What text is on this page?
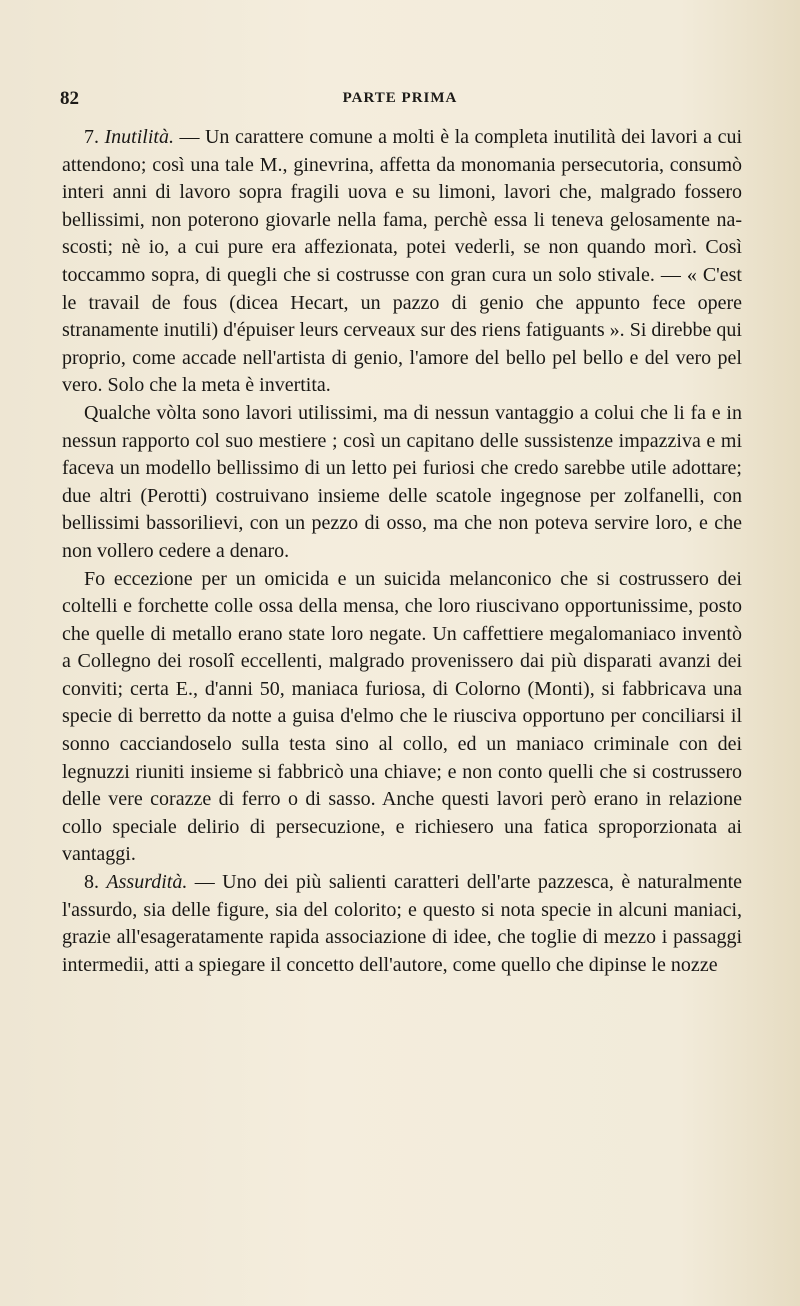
82	PARTE PRIMA

7. Inutilità. — Un carattere comune a molti è la completa inutilità dei lavori a cui attendono; così una tale M., ginevrina, affetta da monomania persecutoria, consumò interi anni di lavoro sopra fragili uova e su limoni, lavori che, malgrado fossero bellissimi, non poterono giovarle nella fama, perchè essa li teneva gelosamente nascosti; nè io, a cui pure era affezionata, potei vederli, se non quando morì. Così toccammo sopra, di quegli che si costrusse con gran cura un solo stivale. — « C'est le travail de fous (dicea Hecart, un pazzo di genio che appunto fece opere stranamente inutili) d'épuiser leurs cerveaux sur des riens fatiguants ». Si direbbe qui proprio, come accade nell'artista di genio, l'amore del bello pel bello e del vero pel vero. Solo che la meta è invertita.

Qualche vòlta sono lavori utilissimi, ma di nessun vantaggio a colui che li fa e in nessun rapporto col suo mestiere ; così un capitano delle sussistenze impazziva e mi faceva un modello bellissimo di un letto pei furiosi che credo sarebbe utile adottare; due altri (Perotti) costruivano insieme delle scatole ingegnose per zolfanelli, con bellissimi bassorilievi, con un pezzo di osso, ma che non poteva servire loro, e che non vollero cedere a denaro.

Fo eccezione per un omicida e un suicida melanconico che si costrussero dei coltelli e forchette colle ossa della mensa, che loro riuscivano opportunissime, posto che quelle di metallo erano state loro negate. Un caffettiere megalomaniaco inventò a Collegno dei rosolî eccellenti, malgrado provenissero dai più disparati avanzi dei conviti; certa E., d'anni 50, maniaca furiosa, di Colorno (Monti), si fabbricava una specie di berretto da notte a guisa d'elmo che le riusciva opportuno per conciliarsi il sonno cacciandoselo sulla testa sino al collo, ed un maniaco criminale con dei legnuzzi riuniti insieme si fabbricò una chiave; e non conto quelli che si costrussero delle vere corazze di ferro o di sasso. Anche questi lavori però erano in relazione collo speciale delirio di persecuzione, e richiesero una fatica sproporzionata ai vantaggi.

8. Assurdità. — Uno dei più salienti caratteri dell'arte pazzesca, è naturalmente l'assurdo, sia delle figure, sia del colorito; e questo si nota specie in alcuni maniaci, grazie all'esageratamente rapida associazione di idee, che toglie di mezzo i passaggi intermedii, atti a spiegare il concetto dell'autore, come quello che dipinse le nozze
